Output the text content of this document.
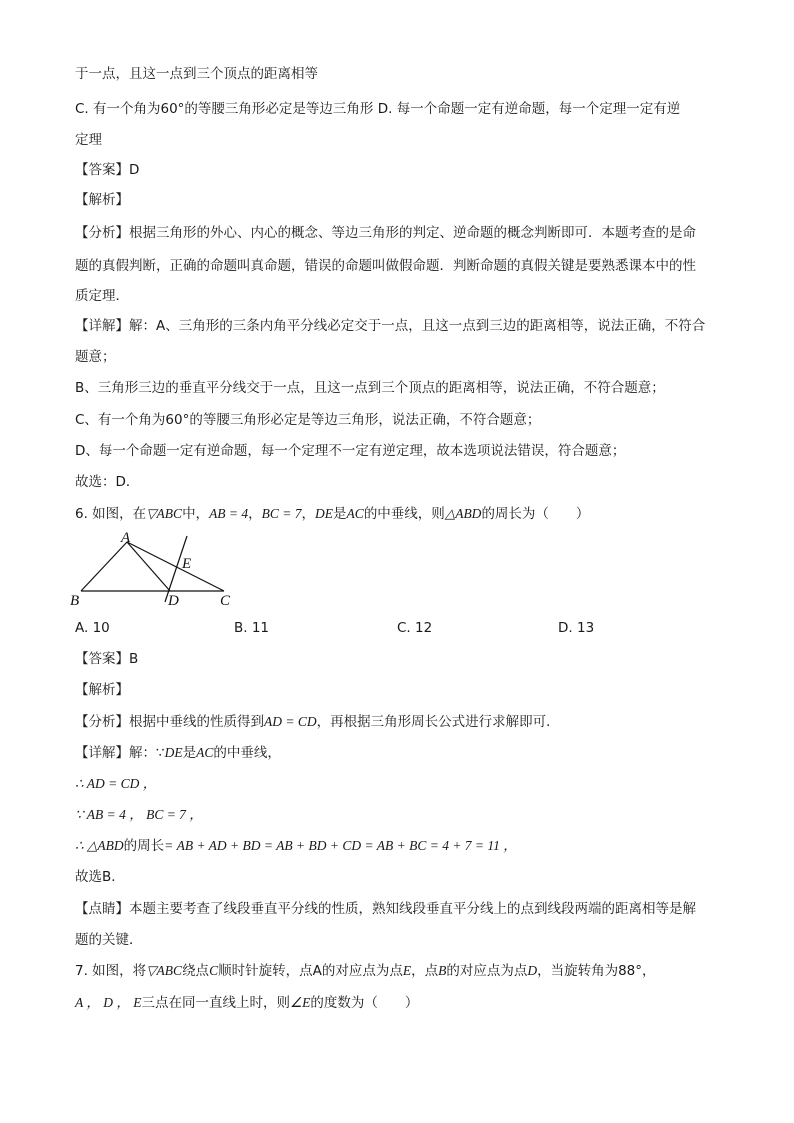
于一点，且这一点到三个顶点的距离相等
C. 有一个角为60°的等腰三角形必定是等边三角形 D. 每一个命题一定有逆命题，每一个定理一定有逆
定理
【答案】D
【解析】
【分析】根据三角形的外心、内心的概念、等边三角形的判定、逆命题的概念判断即可．本题考查的是命
题的真假判断，正确的命题叫真命题，错误的命题叫做假命题．判断命题的真假关键是要熟悉课本中的性
质定理．
【详解】解：A、三角形的三条内角平分线必定交于一点，且这一点到三边的距离相等，说法正确，不符合
题意；
B、三角形三边的垂直平分线交于一点，且这一点到三个顶点的距离相等，说法正确，不符合题意；
C、有一个角为60°的等腰三角形必定是等边三角形，说法正确，不符合题意；
D、每一个命题一定有逆命题，每一个定理不一定有逆定理，故本选项说法错误，符合题意；
故选：D．
6. 如图，在▽ABC中，AB = 4，BC = 7，DE是AC的中垂线，则△ABD的周长为（　　）
A
B	C
D
E
A. 10	B. 11	C. 12	D. 13
【答案】B
【解析】
【分析】根据中垂线的性质得到AD = CD，再根据三角形周长公式进行求解即可．
【详解】解：∵DE是AC的中垂线，
∴ AD = CD ，
∵ AB = 4 ， BC = 7 ，
∴ △ABD的周长= AB + AD + BD = AB + BD + CD = AB + BC = 4 + 7 = 11 ，
故选B．
【点睛】本题主要考查了线段垂直平分线的性质，熟知线段垂直平分线上的点到线段两端的距离相等是解
题的关键．
7. 如图，将▽ABC绕点C顺时针旋转，点A的对应点为点E，点B的对应点为点D，当旋转角为88°，
A ， D ， E三点在同一直线上时，则∠E的度数为（　　）
